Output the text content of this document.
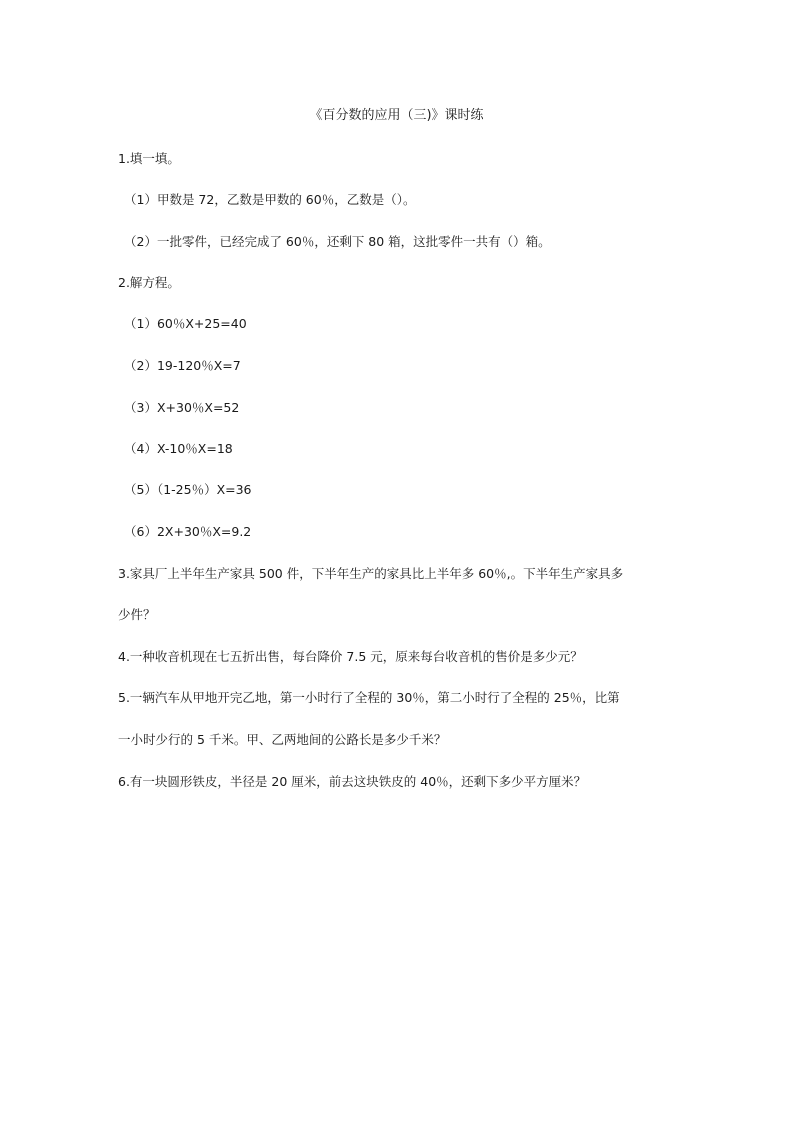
《百分数的应用（三)》课时练
1.填一填。
（1）甲数是 72，乙数是甲数的 60％，乙数是（）。
（2）一批零件，已经完成了 60％，还剩下 80 箱，这批零件一共有（）箱。
2.解方程。
（1）60％X+25=40
（2）19-120％X=7
（3）X+30％X=52
（4）X-10％X=18
（5）（1-25％）X=36
（6）2X+30％X=9.2
3.家具厂上半年生产家具 500 件，下半年生产的家具比上半年多 60％,。下半年生产家具多
少件？
4.一种收音机现在七五折出售，每台降价 7.5 元，原来每台收音机的售价是多少元？
5.一辆汽车从甲地开完乙地，第一小时行了全程的 30％，第二小时行了全程的 25％，比第
一小时少行的 5 千米。甲、乙两地间的公路长是多少千米？
6.有一块圆形铁皮，半径是 20 厘米，前去这块铁皮的 40％，还剩下多少平方厘米？
